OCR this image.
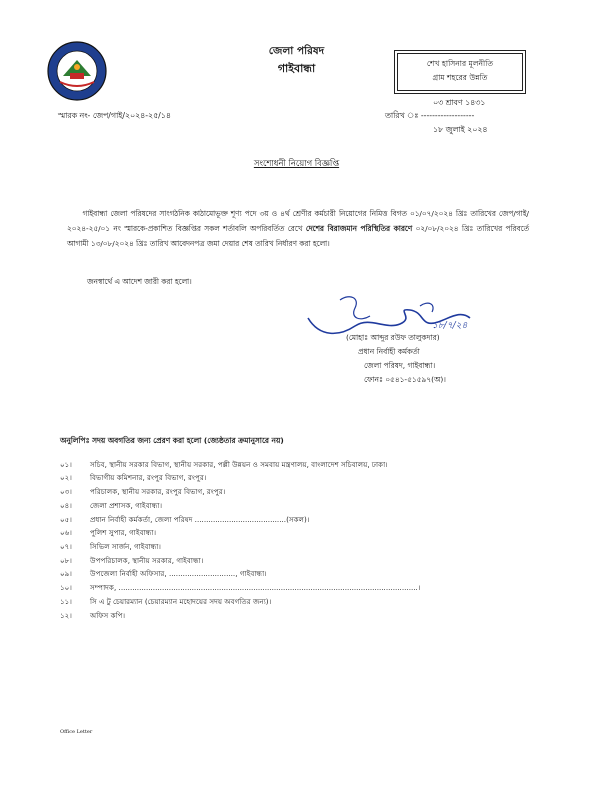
জেলা পরিষদ
গাইবান্ধা	শেখ হাসিনার মূলনীতি
গ্রাম শহরের উন্নতি
স্মারক নং- জেপ/গাই/২০২৪-২৫/১৪
০৩ শ্রাবণ ১৪৩১
তারিখ ঃ -------------------
১৮ জুলাই ২০২৪
সংশোধনী নিয়োগ বিজ্ঞপ্তি
গাইবান্ধা জেলা পরিষদের সাংগঠনিক কাঠামোভূক্ত শূণ্য পদে ৩য় ও ৪র্থ শ্রেণীর কর্মচারী নিয়োগের নিমিত্ত বিগত ০১/০৭/২০২৪ খ্রিঃ তারিখের জেপ/গাই/২০২৪-২৫/০১ নং স্মারকে-প্রকাশিত বিজ্ঞপ্তির সকল শর্তাবলি অপরিবর্তিত রেখে দেশের বিরাজমান পরিস্থিতির কারণে ০২/০৮/২০২৪ খ্রিঃ তারিখের পরিবর্তে আগামী ১৩/০৮/২০২৪ খ্রিঃ তারিখ আবেদনপত্র জমা দেয়ার শেষ তারিখ নির্ধারণ করা হলো।
জনস্বার্থে এ আদেশ জারী করা হলো।
১৮/৭/২৪
(মোহাঃ আব্দুর রউফ তালুকদার)
প্রধান নির্বাহী কর্মকর্তা
জেলা পরিষদ, গাইবান্ধা।
ফোনঃ ০৫৪১-৫১৫৯৭(অ)।
অনুলিপিঃ সদয় অবগতির জন্য প্রেরণ করা হলো (জ্যেষ্ঠতার ক্রমানুসারে নয়)
০১।	সচিব, স্থানীয় সরকার বিভাগ, স্থানীয় সরকার, পল্লী উন্নয়ন ও সমবায় মন্ত্রণালয়, বাংলাদেশ সচিবালয়, ঢাকা।
০২।	বিভাগীয় কমিশনার, রংপুর বিভাগ, রংপুর।
০৩।	পরিচালক, স্থানীয় সরকার, রংপুর বিভাগ, রংপুর।
০৪।	জেলা প্রশাসক, গাইবান্ধা।
০৫।	প্রধান নির্বাহী কর্মকর্তা, জেলা পরিষদ ........................................(সকল)।
০৬।	পুলিশ সুপার, গাইবান্ধা।
০৭।	সিভিল সার্জন, গাইবান্ধা।
০৮।	উপপরিচালক, স্থানীয় সরকার, গাইবান্ধা।
০৯।	উপজেলা নির্বাহী অফিসার, ............................., গাইবান্ধা।
১০।	সম্পাদক, ...................................................................................................................................।
১১।	সি এ টু চেয়ারম্যান (চেয়ারম্যান মহোদয়ের সদয় অবগতির জন্য)।
১২।	অফিস কপি।
Office Letter
